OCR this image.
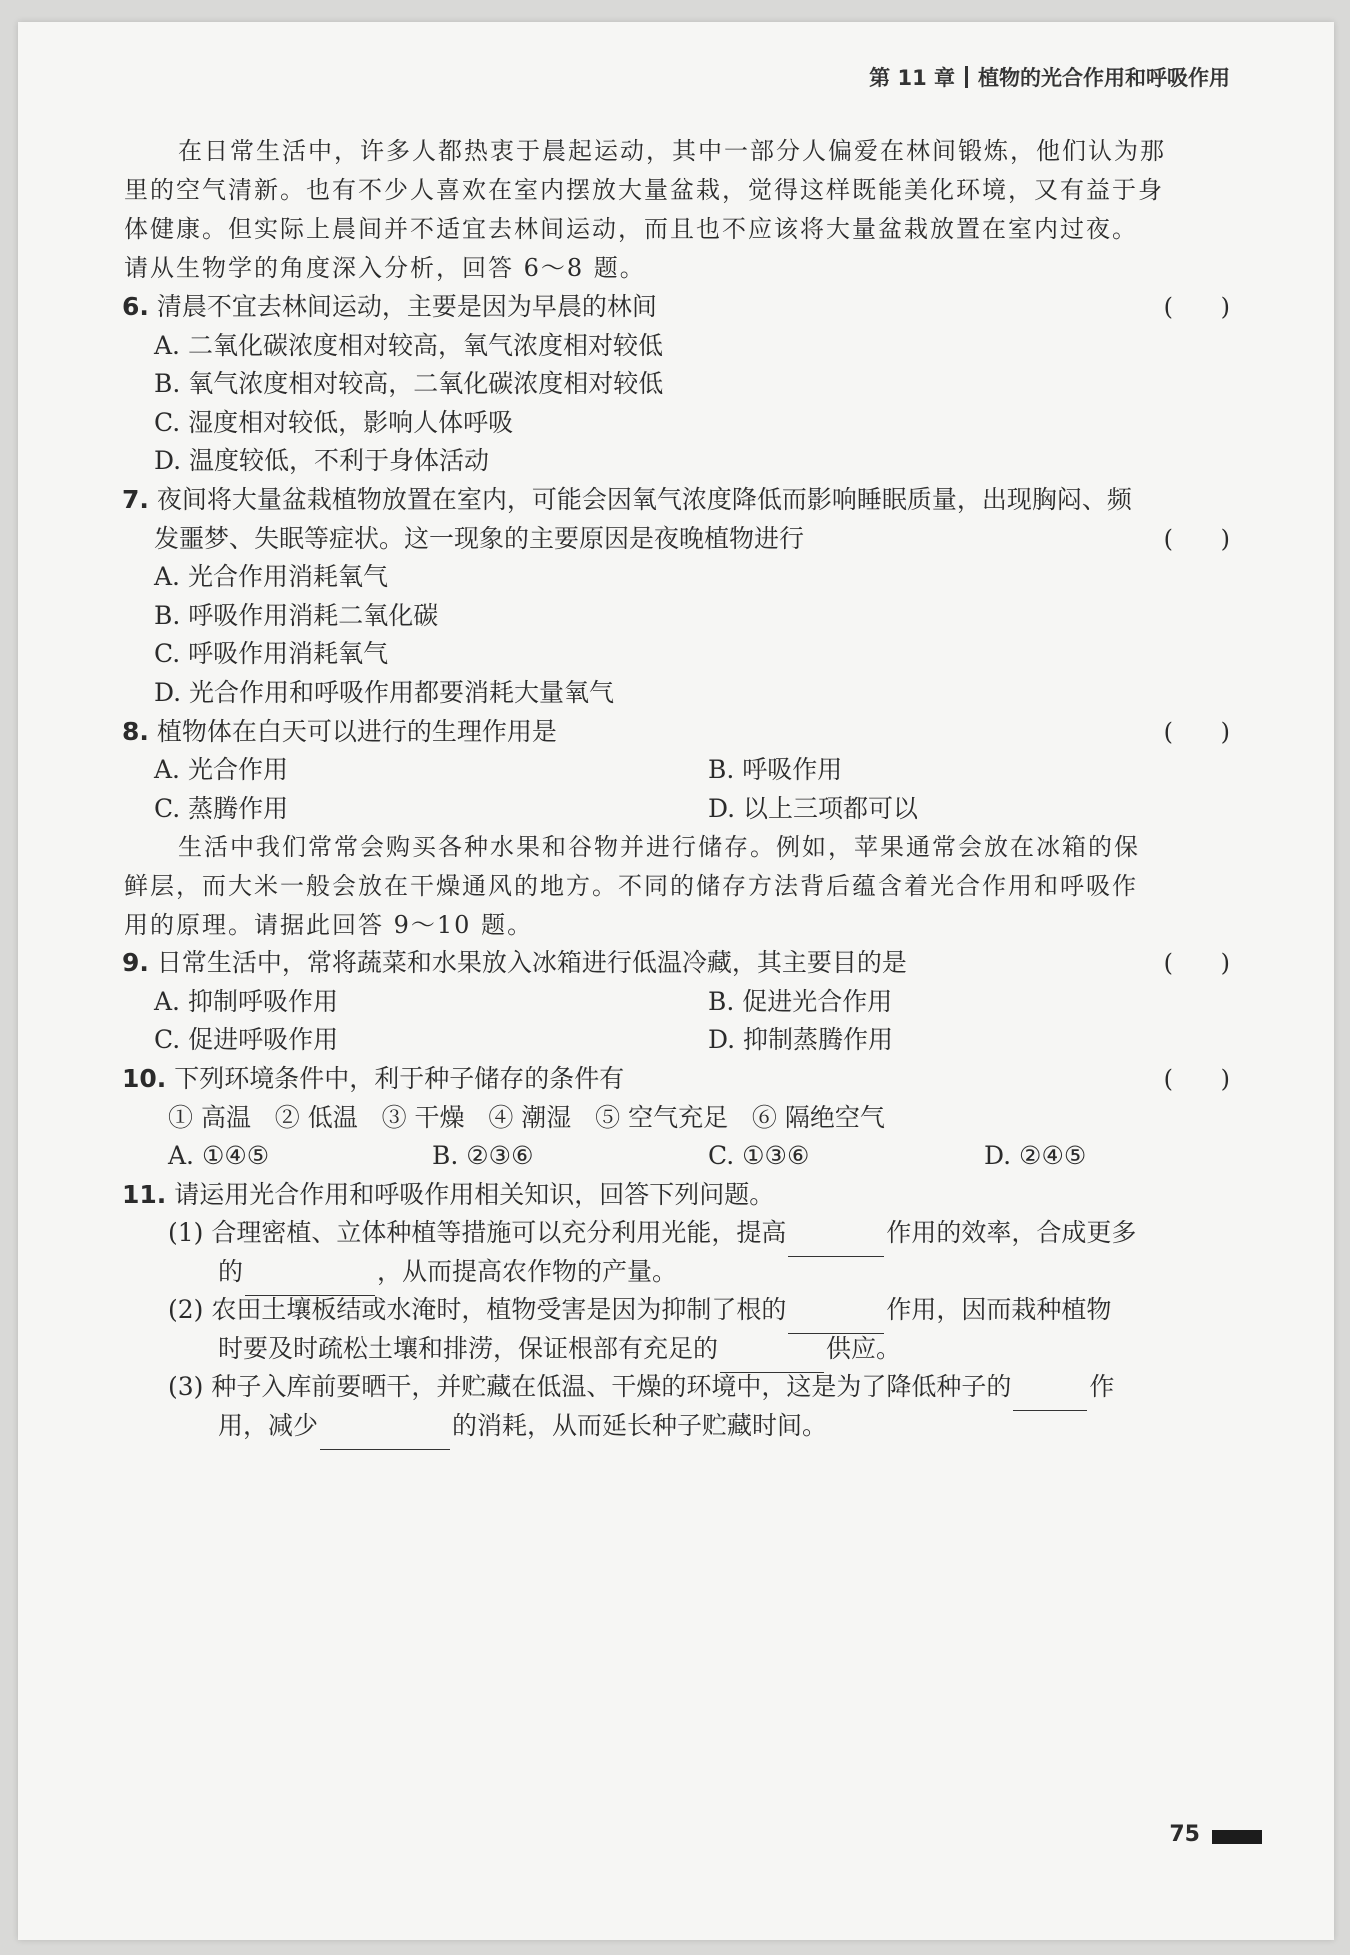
第 11 章 植物的光合作用和呼吸作用
在日常生活中，许多人都热衷于晨起运动，其中一部分人偏爱在林间锻炼，他们认为那
里的空气清新。也有不少人喜欢在室内摆放大量盆栽，觉得这样既能美化环境，又有益于身
体健康。但实际上晨间并不适宜去林间运动，而且也不应该将大量盆栽放置在室内过夜。
请从生物学的角度深入分析，回答 6～8 题。
6. 清晨不宜去林间运动，主要是因为早晨的林间	( )
A. 二氧化碳浓度相对较高，氧气浓度相对较低
B. 氧气浓度相对较高，二氧化碳浓度相对较低
C. 湿度相对较低，影响人体呼吸
D. 温度较低，不利于身体活动
7. 夜间将大量盆栽植物放置在室内，可能会因氧气浓度降低而影响睡眠质量，出现胸闷、频
发噩梦、失眠等症状。这一现象的主要原因是夜晚植物进行	( )
A. 光合作用消耗氧气
B. 呼吸作用消耗二氧化碳
C. 呼吸作用消耗氧气
D. 光合作用和呼吸作用都要消耗大量氧气
8. 植物体在白天可以进行的生理作用是	( )
A. 光合作用	B. 呼吸作用
C. 蒸腾作用	D. 以上三项都可以
生活中我们常常会购买各种水果和谷物并进行储存。例如，苹果通常会放在冰箱的保
鲜层，而大米一般会放在干燥通风的地方。不同的储存方法背后蕴含着光合作用和呼吸作
用的原理。请据此回答 9～10 题。
9. 日常生活中，常将蔬菜和水果放入冰箱进行低温冷藏，其主要目的是	( )
A. 抑制呼吸作用	B. 促进光合作用
C. 促进呼吸作用	D. 抑制蒸腾作用
10. 下列环境条件中，利于种子储存的条件有	( )
① 高温   ② 低温   ③ 干燥   ④ 潮湿   ⑤ 空气充足   ⑥ 隔绝空气
A. ①④⑤	B. ②③⑥	C. ①③⑥	D. ②④⑤
11. 请运用光合作用和呼吸作用相关知识，回答下列问题。
(1) 合理密植、立体种植等措施可以充分利用光能，提高	作用的效率，合成更多
的	，从而提高农作物的产量。
(2) 农田土壤板结或水淹时，植物受害是因为抑制了根的	作用，因而栽种植物
时要及时疏松土壤和排涝，保证根部有充足的	供应。
(3) 种子入库前要晒干，并贮藏在低温、干燥的环境中，这是为了降低种子的	作
用，减少	的消耗，从而延长种子贮藏时间。
75
